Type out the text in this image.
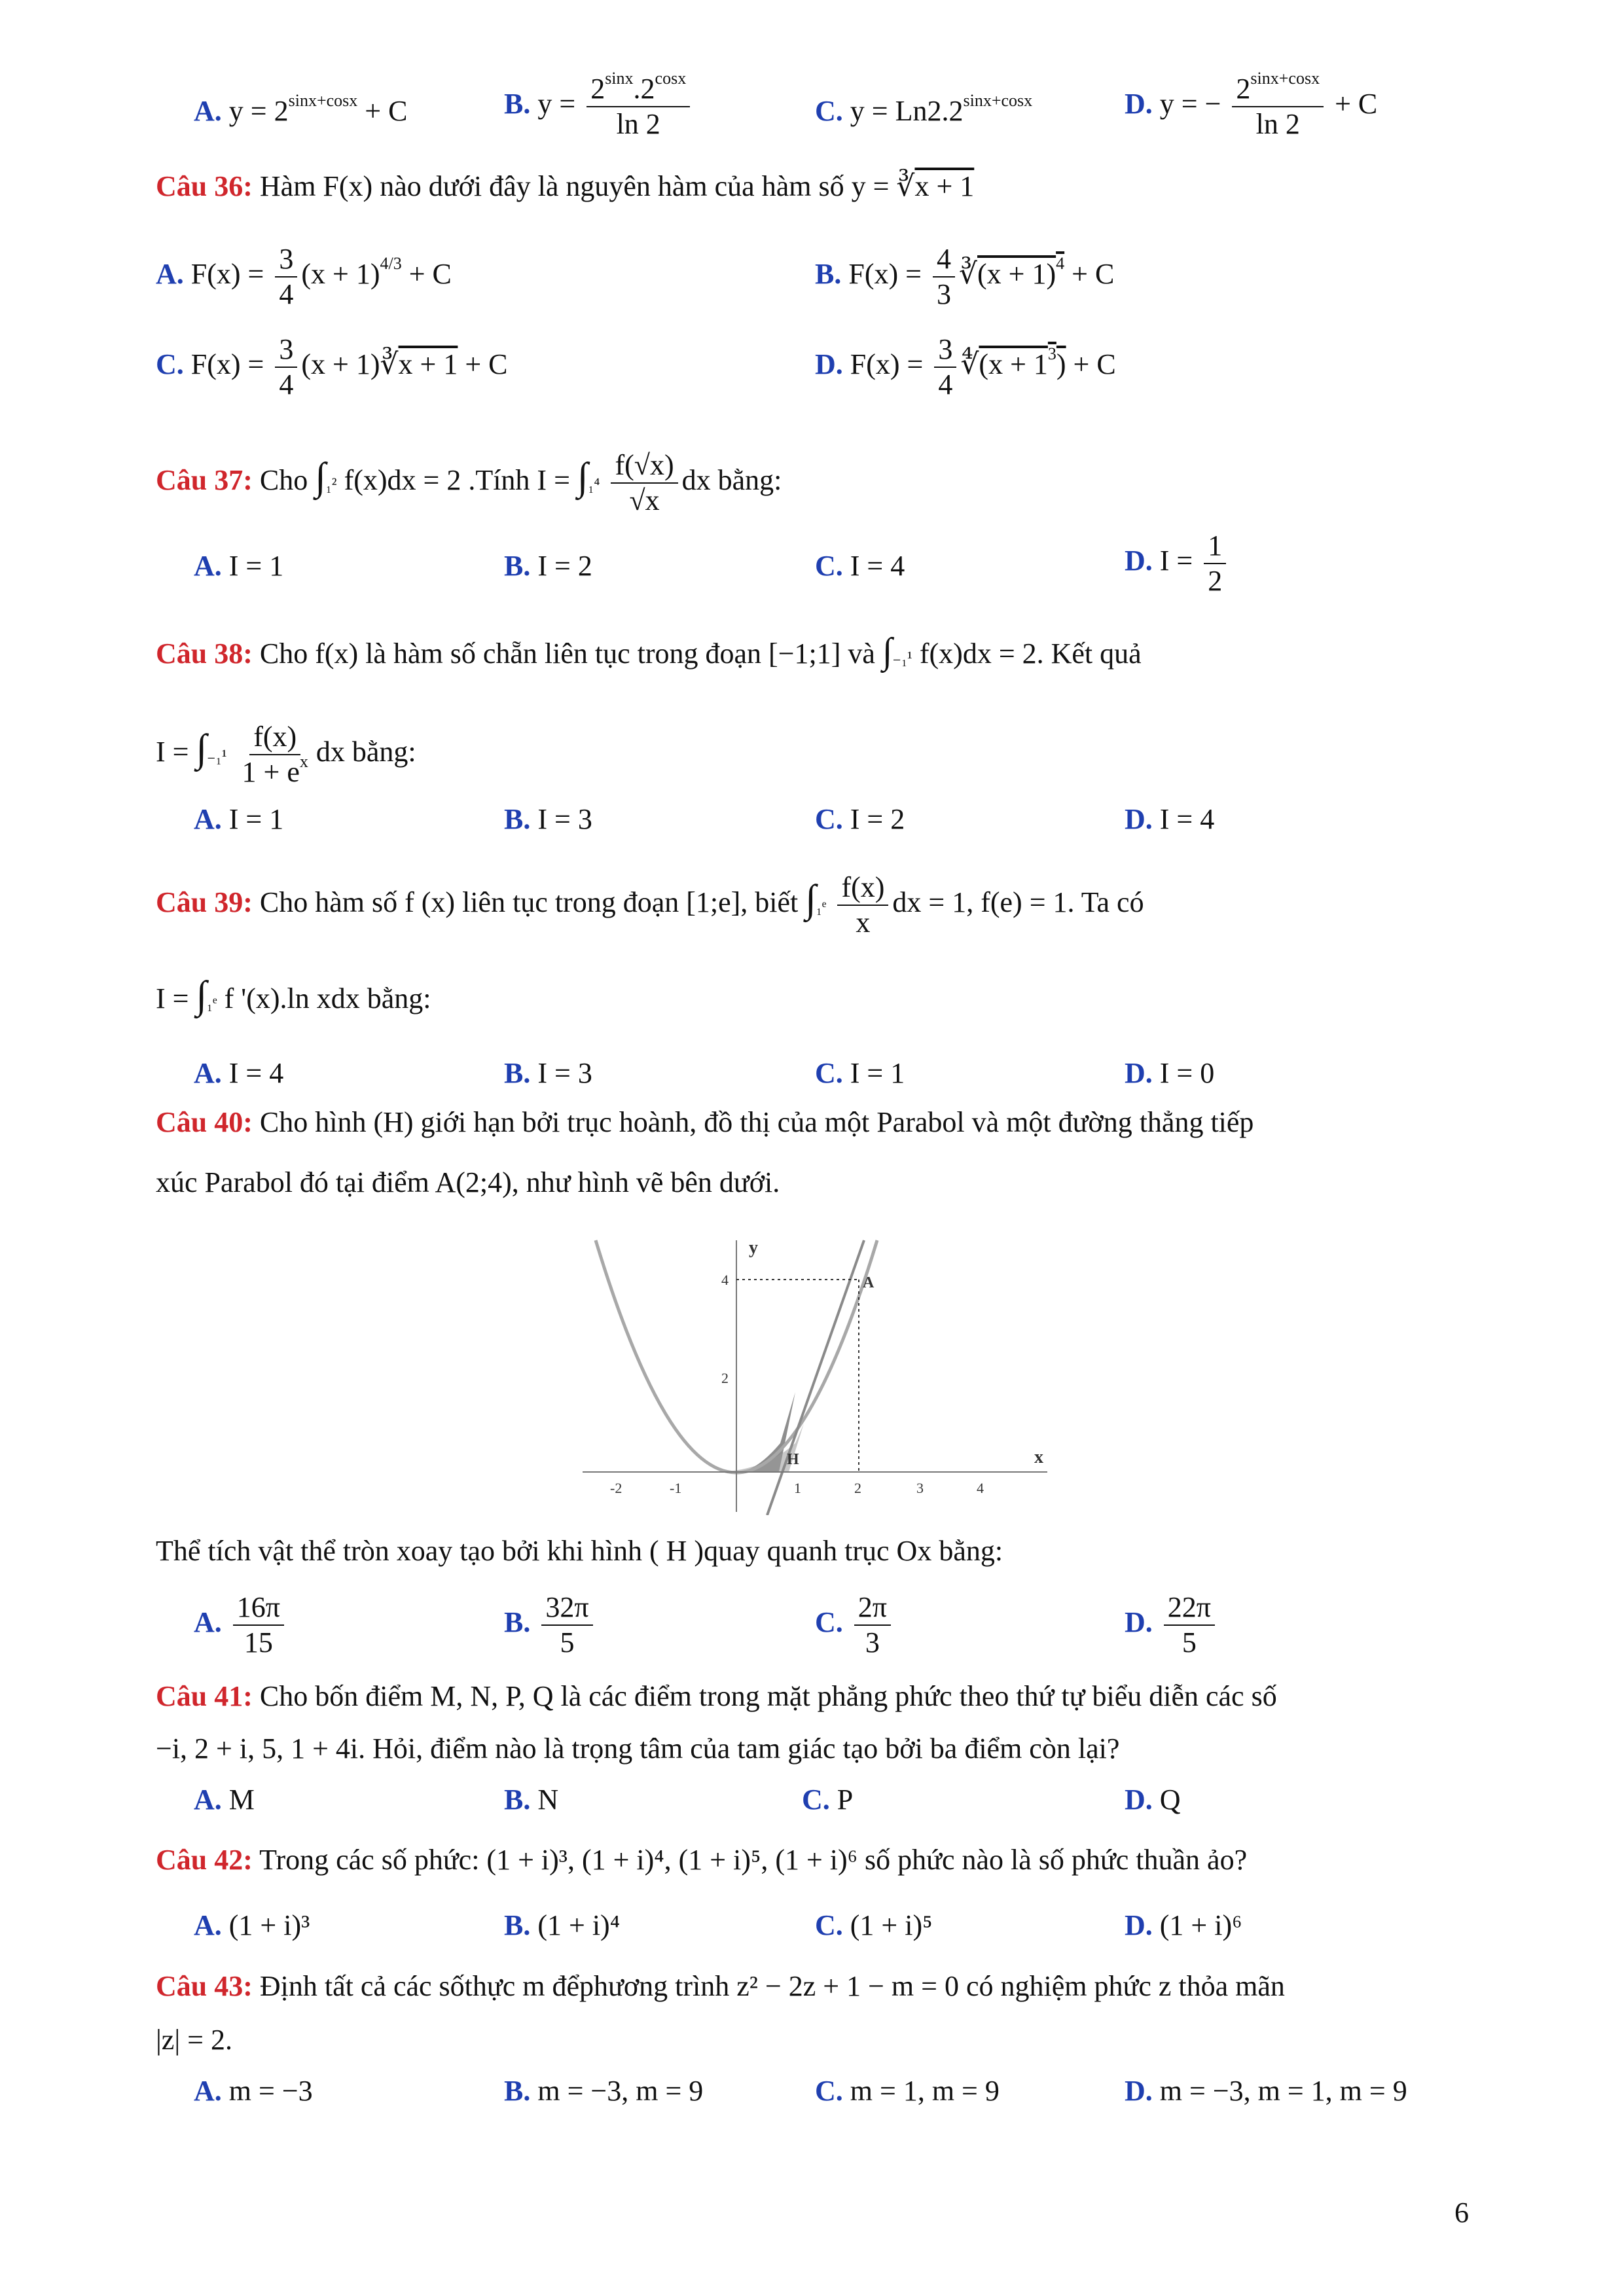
A. $y = 2^{sinx+cosx} + C$	B. $y = \frac{2^{sinx}.2^{cosx}}{\ln 2}$	C. $y = Ln2.2^{sinx+cosx}$	D. y = − $\frac{2^{sinx+cosx}}{\ln 2} + C$
Câu 36: Hàm F(x) nào dưới đây là nguyên hàm của hàm số y = ∛x + 1
A. $F(x) = \frac{3}{4} (x + 1)^{4/3} + C$	B. $F(x) = \frac{4}{3}$ ∛(x + 1)$^4$ + C
C. $F(x) = \frac{3}{4} (x$ + 1)∛x + 1 + C	D. $F(x) = \frac{3}{4}$ ∜(x + $1^3) + C$
Câu 37: Cho ∫₁² f(x)dx = 2 .Tính $I = \int_1^4 \frac{f(√x)}{√x}$ dx bằng:
A. I = 1	B. I = 2	C. I = 4	D. $I = \frac{1}{2}$
Câu 38: Cho f(x) là hàm số chẵn liên tục trong đoạn [−1;1] và ∫₋₁¹ f(x)dx = 2. Kết quả
$I = \int_{-1}^1 \frac{f(x)}{1 + e^x}$ dx bằng:
A. I = 1	B. I = 3	C. I = 2	D. I = 4
Câu 39: Cho hàm số f (x) liên tục trong đoạn [1;e], biết ∫₁ᵉ $\frac{f(x)}{x}$ dx = 1, f(e) = 1. Ta có
I = ∫₁ᵉ f '(x).ln xdx bằng:
A. I = 4	B. I = 3	C. I = 1	D. I = 0
Câu 40: Cho hình (H) giới hạn bởi trục hoành, đồ thị của một Parabol và một đường thẳng tiếp
xúc Parabol đó tại điểm A(2;4), như hình vẽ bên dưới.
-2	-1	1	2	3	4
2
4
y
x
A
H
Thể tích vật thể tròn xoay tạo bởi khi hình ( H )quay quanh trục Ox bằng:
A. $\frac{16\pi}{15}$	B. $\frac{32\pi}{5}$	C. $\frac{2\pi}{3}$	D. $\frac{22\pi}{5}$
Câu 41: Cho bốn điểm M, N, P, Q là các điểm trong mặt phẳng phức theo thứ tự biểu diễn các số
−i, 2 + i, 5, 1 + 4i. Hỏi, điểm nào là trọng tâm của tam giác tạo bởi ba điểm còn lại?
A. M	B. N	C. P	D. Q
Câu 42: Trong các số phức: (1 + i)³, (1 + i)⁴, (1 + i)⁵, (1 + i)⁶ số phức nào là số phức thuần ảo?
A. (1 + i)³	B. (1 + i)⁴	C. (1 + i)⁵	D. (1 + i)⁶
Câu 43: Định tất cả các sốthực m đểphương trình z² − 2z + 1 − m = 0 có nghiệm phức z thỏa mãn
|z| = 2.
A. m = −3	B. m = −3, m = 9	C. m = 1, m = 9	D. m = −3, m = 1, m = 9
6
y = 2^(sinx+cosx) + C
2^sinx.2^cosx
y = Ln2.2^(sinx+cosx)
2^(sinx+cosx)
Hàm F(x) nào dưới đây là nguyên hàm của hàm số y = ∛(x + 1)
F(x) = 3/4 (x + 1)^(4/3) + C
F(x) = 4/3 ∛((x + 1)^4) + C
F(x) = 3/4 (x + 1) ∛(x + 1) + C
F(x) = 3/4 ∜((x + 1^3)) + C
Cho ∫₁² f(x)dx = 2 .Tính I = ∫₁⁴ f(√x)/√x dx bằng:
I = 1/2
Cho f(x) là hàm số chẵn liên tục trong đoạn [−1;1] và ∫₋₁¹ f(x)dx = 2. Kết quả
I = ∫₋₁¹ f(x)/(1 + eˣ) dx bằng:
Cho hàm số f (x) liên tục trong đoạn [1;e], biết ∫₁ᵉ f(x)/x dx = 1, f(e) = 1. Ta có
I = ∫₁ᵉ f '(x).ln xdx bằng:
